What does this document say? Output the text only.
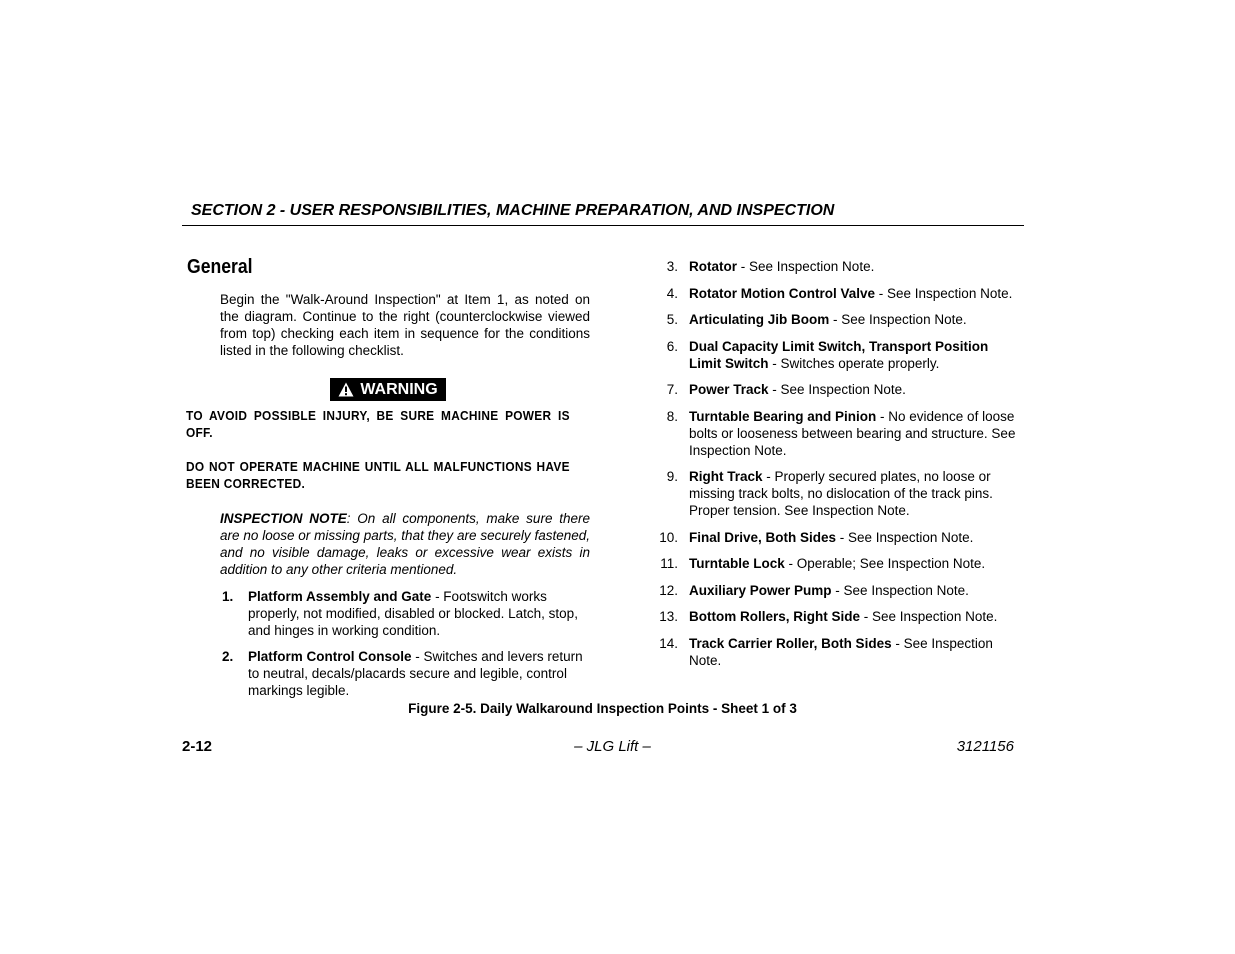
SECTION 2 - USER RESPONSIBILITIES, MACHINE PREPARATION, AND INSPECTION
General
Begin the "Walk-Around Inspection" at Item 1, as noted on the diagram. Continue to the right (counterclockwise viewed from top) checking each item in sequence for the conditions listed in the following checklist.
WARNING
TO AVOID POSSIBLE INJURY, BE SURE MACHINE POWER IS OFF.
DO NOT OPERATE MACHINE UNTIL ALL MALFUNCTIONS HAVE BEEN CORRECTED.
INSPECTION NOTE: On all components, make sure there are no loose or missing parts, that they are securely fastened, and no visible damage, leaks or excessive wear exists in addition to any other criteria mentioned.
1.	Platform Assembly and Gate - Footswitch works properly, not modified, disabled or blocked. Latch, stop, and hinges in working condition.
2.	Platform Control Console - Switches and levers return to neutral, decals/placards secure and legible, control markings legible.
3. Rotator - See Inspection Note.
4. Rotator Motion Control Valve - See Inspection Note.
5. Articulating Jib Boom - See Inspection Note.
6. Dual Capacity Limit Switch, Transport Position Limit Switch - Switches operate properly.
7. Power Track - See Inspection Note.
8. Turntable Bearing and Pinion - No evidence of loose bolts or looseness between bearing and structure. See Inspection Note.
9. Right Track - Properly secured plates, no loose or missing track bolts, no dislocation of the track pins. Proper tension. See Inspection Note.
10. Final Drive, Both Sides - See Inspection Note.
11. Turntable Lock - Operable; See Inspection Note.
12. Auxiliary Power Pump - See Inspection Note.
13. Bottom Rollers, Right Side - See Inspection Note.
14. Track Carrier Roller, Both Sides - See Inspection Note.
Figure 2-5. Daily Walkaround Inspection Points - Sheet 1 of 3
2-12	– JLG Lift –	3121156
